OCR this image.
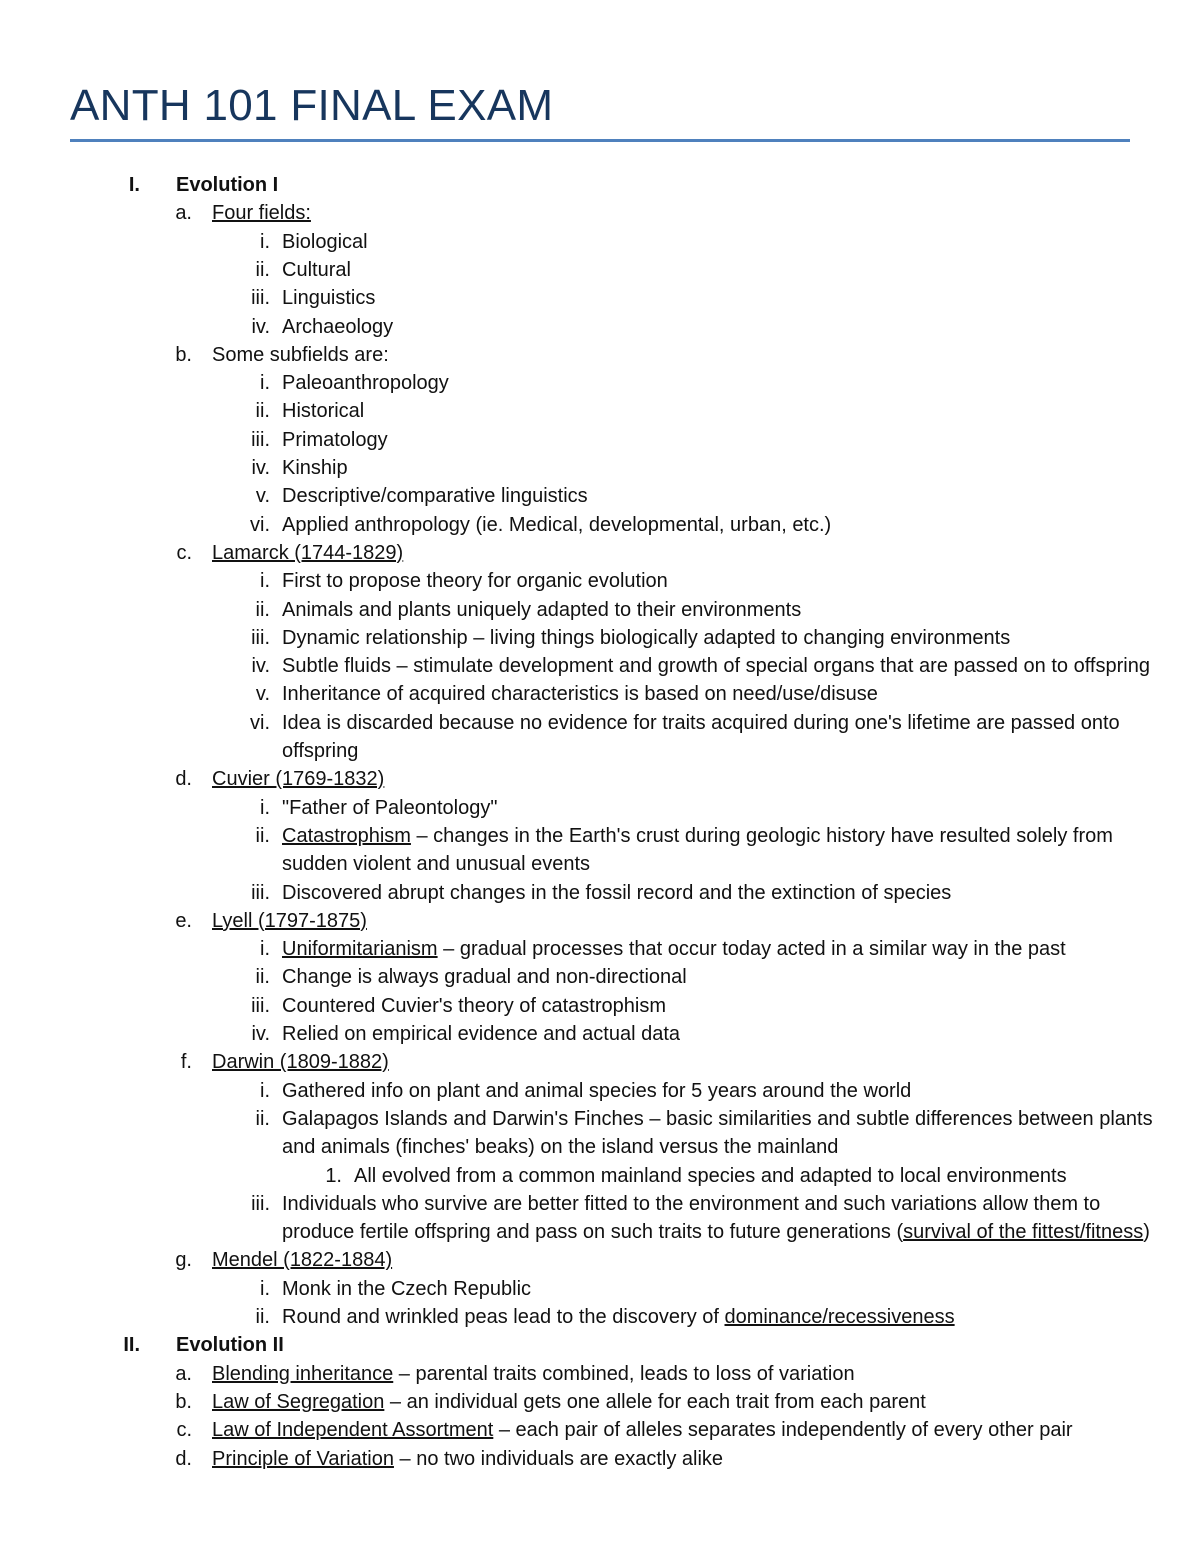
ANTH 101 FINAL EXAM
I. Evolution I
a. Four fields:
i. Biological
ii. Cultural
iii. Linguistics
iv. Archaeology
b. Some subfields are:
i. Paleoanthropology
ii. Historical
iii. Primatology
iv. Kinship
v. Descriptive/comparative linguistics
vi. Applied anthropology (ie. Medical, developmental, urban, etc.)
c. Lamarck (1744-1829)
i. First to propose theory for organic evolution
ii. Animals and plants uniquely adapted to their environments
iii. Dynamic relationship – living things biologically adapted to changing environments
iv. Subtle fluids – stimulate development and growth of special organs that are passed on to offspring
v. Inheritance of acquired characteristics is based on need/use/disuse
vi. Idea is discarded because no evidence for traits acquired during one's lifetime are passed onto
offspring
d. Cuvier (1769-1832)
i. "Father of Paleontology"
ii. Catastrophism – changes in the Earth's crust during geologic history have resulted solely from
sudden violent and unusual events
iii. Discovered abrupt changes in the fossil record and the extinction of species
e. Lyell (1797-1875)
i. Uniformitarianism – gradual processes that occur today acted in a similar way in the past
ii. Change is always gradual and non-directional
iii. Countered Cuvier's theory of catastrophism
iv. Relied on empirical evidence and actual data
f. Darwin (1809-1882)
i. Gathered info on plant and animal species for 5 years around the world
ii. Galapagos Islands and Darwin's Finches – basic similarities and subtle differences between plants
and animals (finches' beaks) on the island versus the mainland
1. All evolved from a common mainland species and adapted to local environments
iii. Individuals who survive are better fitted to the environment and such variations allow them to
produce fertile offspring and pass on such traits to future generations (survival of the fittest/fitness)
g. Mendel (1822-1884)
i. Monk in the Czech Republic
ii. Round and wrinkled peas lead to the discovery of dominance/recessiveness
II. Evolution II
a. Blending inheritance – parental traits combined, leads to loss of variation
b. Law of Segregation – an individual gets one allele for each trait from each parent
c. Law of Independent Assortment – each pair of alleles separates independently of every other pair
d. Principle of Variation – no two individuals are exactly alike
